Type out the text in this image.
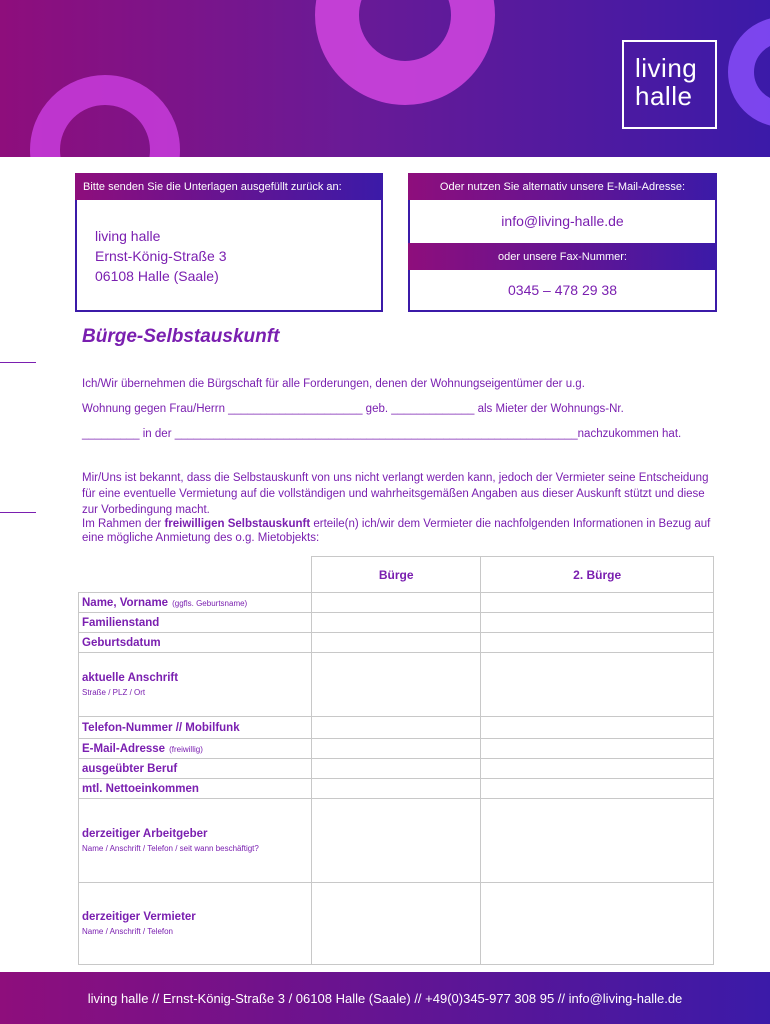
living
halle
Bitte senden Sie die Unterlagen ausgefüllt zurück an:
living halle
Ernst-König-Straße 3
06108 Halle (Saale)
Oder nutzen Sie alternativ unsere E-Mail-Adresse:
info@living-halle.de
0345 – 478 29 38
oder unsere Fax-Nummer:
Bürge-Selbstauskunft
Ich/Wir übernehmen die Bürgschaft für alle Forderungen, denen der Wohnungseigentümer der u.g.
Wohnung gegen Frau/Herrn _____________________ geb. _____________ als Mieter der Wohnungs-Nr.
_________ in der _______________________________________________________________nachzukommen hat.
Mir/Uns ist bekannt, dass die Selbstauskunft von uns nicht verlangt werden kann, jedoch der Vermieter seine Entscheidung für eine eventuelle Vermietung auf die vollständigen und wahrheitsgemäßen Angaben aus dieser Auskunft stützt und diese zur Vorbedingung macht.
Im Rahmen der freiwilligen Selbstauskunft erteile(n) ich/wir dem Vermieter die nachfolgenden Informationen in Bezug auf eine mögliche Anmietung des o.g. Mietobjekts:
	Bürge	2. Bürge
Name, Vorname (ggfls. Geburtsname)		
Familienstand		
Geburtsdatum		
aktuelle Anschrift
Straße / PLZ / Ort		

Telefon-Nummer // Mobilfunk		
E-Mail-Adresse (freiwillig)		
ausgeübter Beruf		
mtl. Nettoeinkommen		
derzeitiger Arbeitgeber
Name / Anschrift / Telefon / seit wann beschäftigt?		

derzeitiger Vermieter
Name / Anschrift / Telefon		

living halle // Ernst-König-Straße 3 / 06108 Halle (Saale) // +49(0)345-977 308 95 // info@living-halle.de
